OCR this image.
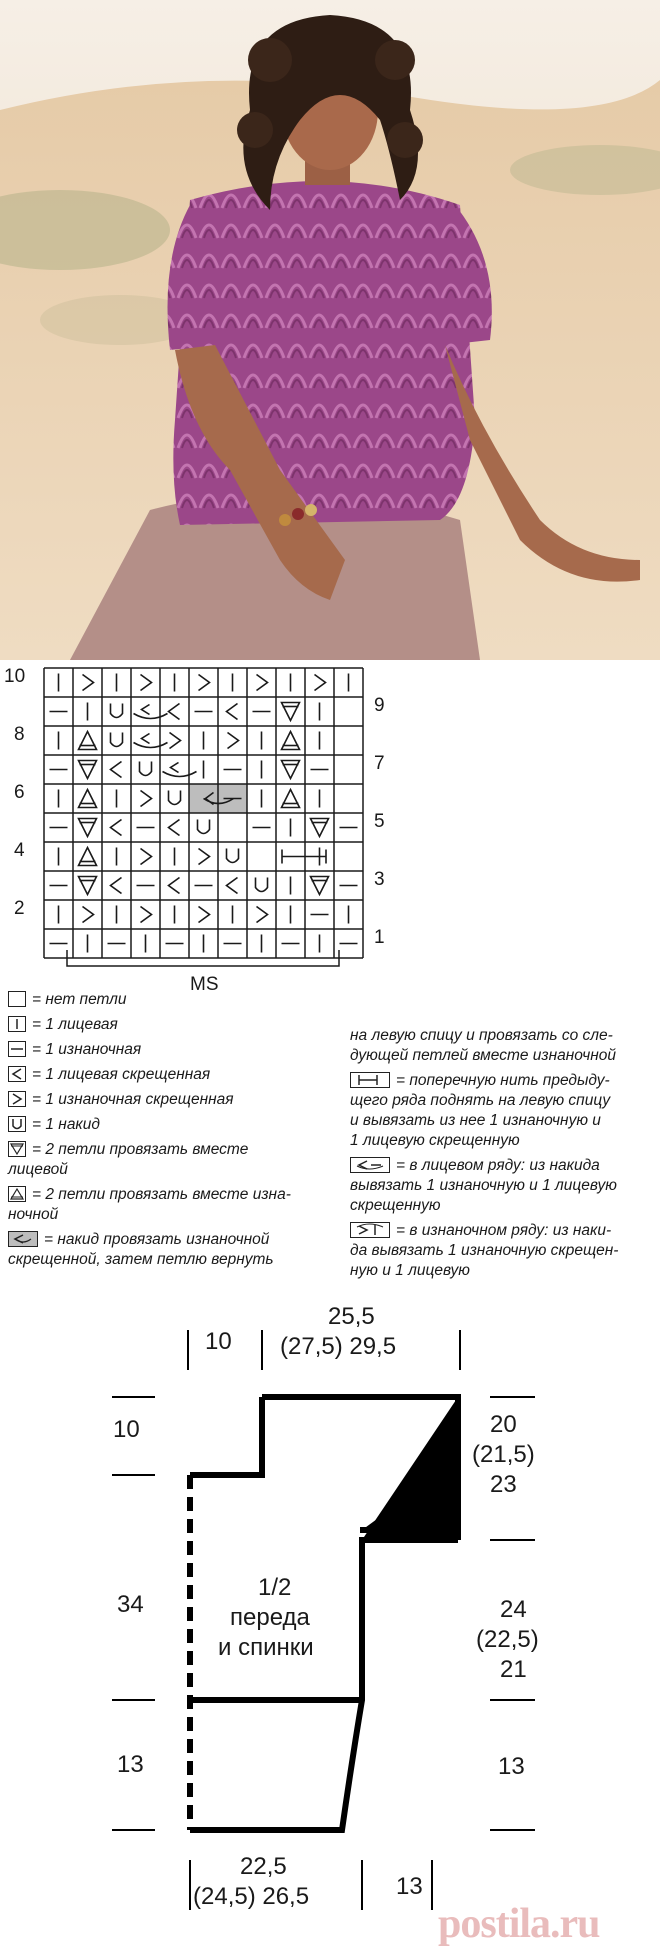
10
8
6
4
2
9
7
5
3
1
MS
= нет петли
= 1 лицевая
= 1 изнаночная
= 1 лицевая скрещенная
= 1 изнаночная скрещенная
= 1 накид
= 2 петли провязать вместе
лицевой
= 2 петли провязать вместе изна-
ночной
= накид провязать изнаночной
скрещенной, затем петлю вернуть
на левую спицу и провязать со сле-
дующей петлей вместе изнаночной
= поперечную нить предыду-
щего ряда поднять на левую спицу
и вывязать из нее 1 изнаночную и
1 лицевую скрещенную
= в лицевом ряду: из накида
вывязать 1 изнаночную и 1 лицевую
скрещенную
= в изнаночном ряду: из наки-
да вывязать 1 изнаночную скрещен-
ную и 1 лицевую
10
25,5
(27,5) 29,5
10
34
13
20
(21,5)
23
24
(22,5)
21
13
1/2
переда
и спинки
22,5
(24,5) 26,5	13
postila.ru
